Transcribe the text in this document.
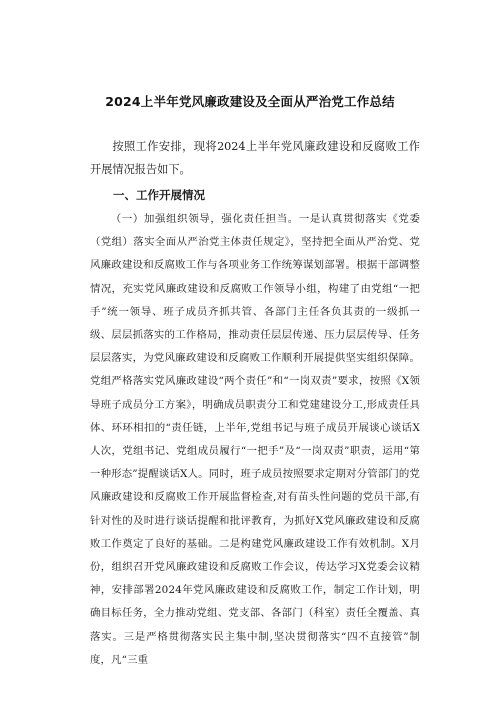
2024上半年党风廉政建设及全面从严治党工作总结

按照工作安排，现将2024上半年党风廉政建设和反腐败工作开展情况报告如下。

一、工作开展情况

（一）加强组织领导，强化责任担当。一是认真贯彻落实《党委（党组）落实全面从严治党主体责任规定》，坚持把全面从严治党、党风廉政建设和反腐败工作与各项业务工作统筹谋划部署。根据干部调整情况，充实党风廉政建设和反腐败工作领导小组，构建了由党组“一把手”统一领导、班子成员齐抓共管、各部门主任各负其责的一级抓一级、层层抓落实的工作格局，推动责任层层传递、压力层层传导、任务层层落实，为党风廉政建设和反腐败工作顺利开展提供坚实组织保障。党组严格落实党风廉政建设“两个责任”和“一岗双责”要求，按照《X领导班子成员分工方案》，明确成员职责分工和党建建设分工,形成责任具体、环环相扣的“责任链，上半年,党组书记与班子成员开展谈心谈话X人次，党组书记、党组成员履行“一把手”及“一岗双责”职责，运用“第一种形态”提醒谈话X人。同时，班子成员按照要求定期对分管部门的党风廉政建设和反腐败工作开展监督检查,对有苗头性问题的党员干部,有针对性的及时进行谈话提醒和批评教育，为抓好X党风廉政建设和反腐败工作奠定了良好的基础。二是构建党风廉政建设工作有效机制。X月份，组织召开党风廉政建设和反腐败工作会议，传达学习X党委会议精神，安排部署2024年党风廉政建设和反腐败工作，制定工作计划，明确目标任务，全力推动党组、党支部、各部门（科室）责任全覆盖、真落实。三是严格贯彻落实民主集中制,坚决贯彻落实“四不直接管”制度，凡“三重
